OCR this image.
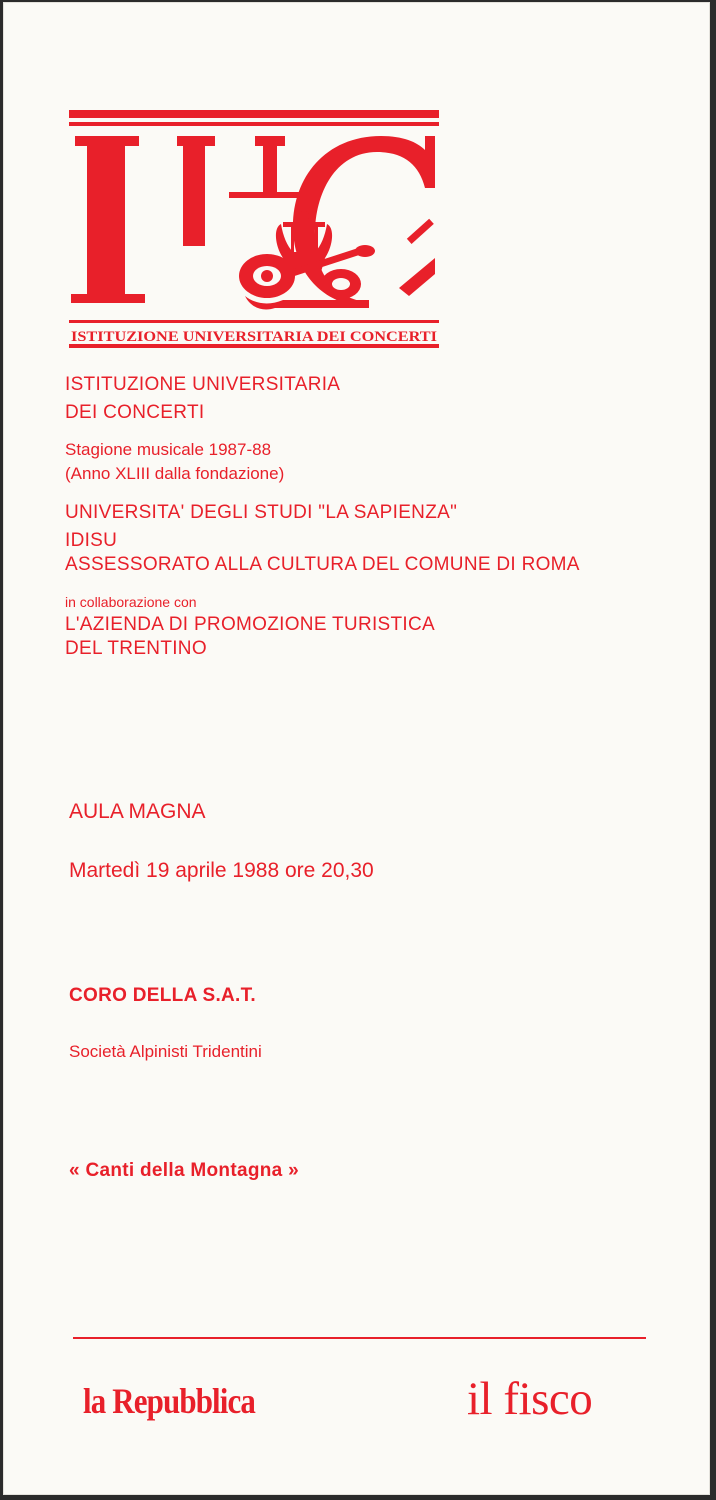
ISTITUZIONE UNIVERSITARIA DEI CONCERTI
ISTITUZIONE UNIVERSITARIA
DEI CONCERTI
Stagione musicale 1987-88
(Anno XLIII dalla fondazione)
UNIVERSITA' DEGLI STUDI "LA SAPIENZA"
IDISU
ASSESSORATO ALLA CULTURA DEL COMUNE DI ROMA
in collaborazione con
L'AZIENDA DI PROMOZIONE TURISTICA
DEL TRENTINO
AULA MAGNA
Martedì 19 aprile 1988 ore 20,30
CORO DELLA S.A.T.
Società Alpinisti Tridentini
« Canti della Montagna »
la Repubblica	il fisco
